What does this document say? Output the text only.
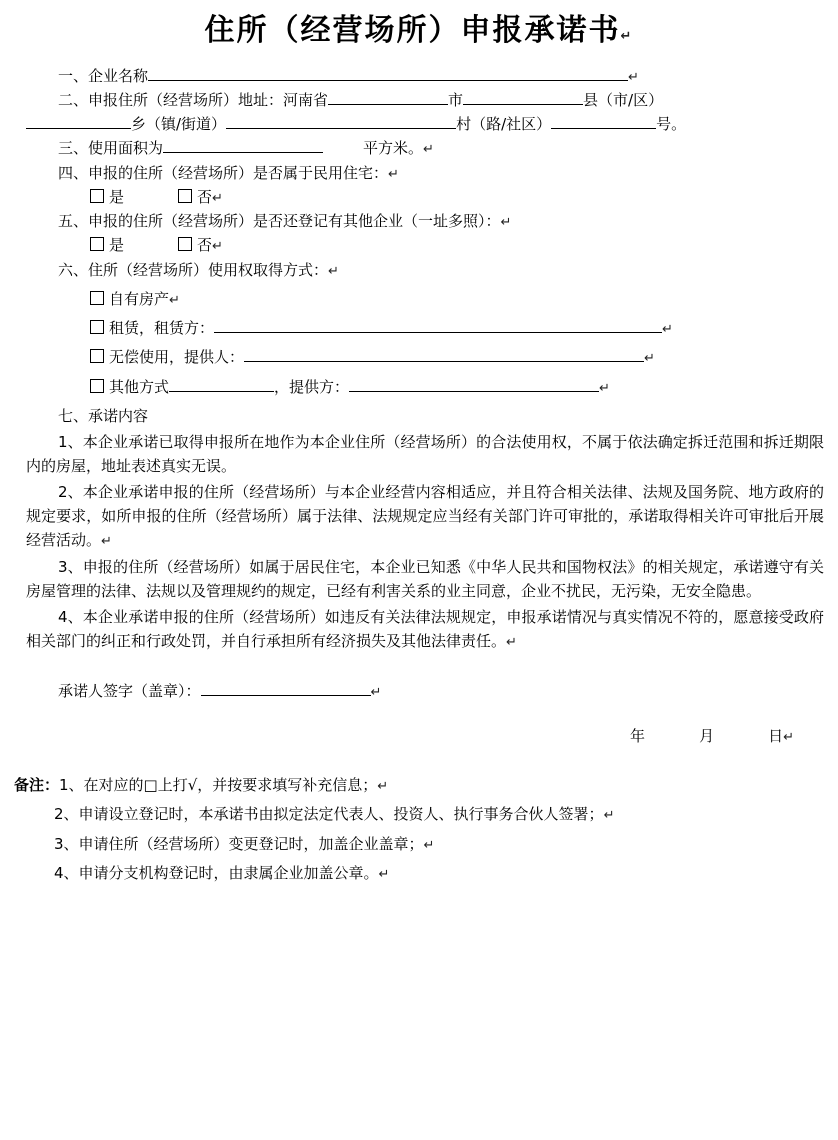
住所（经营场所）申报承诺书↵
一、企业名称	↵
二、申报住所（经营场所）地址：河南省	市	县（市/区）
乡（镇/街道）	村（路/社区）	号。
三、使用面积为	平方米。↵
四、申报的住所（经营场所）是否属于民用住宅：↵
是	否↵
五、申报的住所（经营场所）是否还登记有其他企业（一址多照）：↵
是	否↵
六、住所（经营场所）使用权取得方式：↵
自有房产↵
租赁，租赁方：	↵
无偿使用，提供人：	↵
其他方式	，提供方：	↵
七、承诺内容
1、本企业承诺已取得申报所在地作为本企业住所（经营场所）的合法使用权，不属于依法确定拆迁范围和拆迁期限内的房屋，地址表述真实无误。
2、本企业承诺申报的住所（经营场所）与本企业经营内容相适应，并且符合相关法律、法规及国务院、地方政府的规定要求，如所申报的住所（经营场所）属于法律、法规规定应当经有关部门许可审批的，承诺取得相关许可审批后开展经营活动。↵
3、申报的住所（经营场所）如属于居民住宅，本企业已知悉《中华人民共和国物权法》的相关规定，承诺遵守有关房屋管理的法律、法规以及管理规约的规定，已经有利害关系的业主同意，企业不扰民，无污染，无安全隐患。
4、本企业承诺申报的住所（经营场所）如违反有关法律法规规定，申报承诺情况与真实情况不符的，愿意接受政府相关部门的纠正和行政处罚，并自行承担所有经济损失及其他法律责任。↵
承诺人签字（盖章）：	↵
年	月	日↵
备注：1、在对应的□上打√，并按要求填写补充信息；↵
2、申请设立登记时，本承诺书由拟定法定代表人、投资人、执行事务合伙人签署；↵
3、申请住所（经营场所）变更登记时，加盖企业盖章；↵
4、申请分支机构登记时，由隶属企业加盖公章。↵
